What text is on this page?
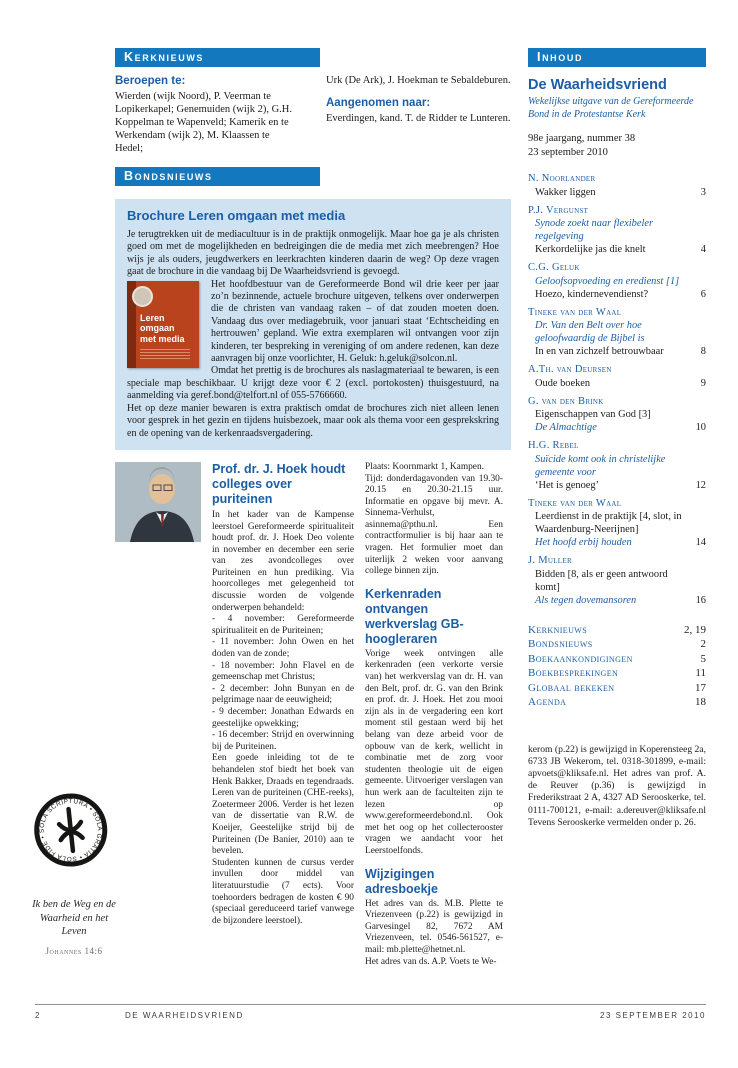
SOLA SCRIPTURA • SOLA GRATIA • SOLA FIDE •

Ik ben de Weg en de Waarheid en het Leven

Johannes 14:6

Kerknieuws
Beroepen te:

Wierden (wijk Noord), P. Veerman te Lopikerkapel; Genemuiden (wijk 2), G.H. Koppelman te Wapenveld; Kamerik en te Werkendam (wijk 2), M. Klaassen te Hedel;

Urk (De Ark), J. Hoekman te Sebaldeburen.

Aangenomen naar:

Everdingen, kand. T. de Ridder te Lunteren.

Bondsnieuws
Brochure Leren omgaan met media

Je terugtrekken uit de mediacultuur is in de praktijk onmogelijk. Maar hoe ga je als christen goed om met de mogelijkheden en bedreigingen die de media met zich meebrengen? Hoe wijs je als ouders, jeugdwerkers en leerkrachten kinderen daarin de weg? Op deze vragen gaat de brochure in die vandaag bij De Waarheidsvriend is gevoegd.

Leren omgaan met media

Het hoofdbestuur van de Gereformeerde Bond wil drie keer per jaar zo’n bezinnende, actuele brochure uitgeven, telkens over onderwerpen die de christen van vandaag raken – of dat zouden moeten doen. Vandaag dus over mediagebruik, voor januari staat ‘Echtscheiding en hertrouwen’ gepland. Wie extra exemplaren wil ontvangen voor zijn kinderen, ter bespreking in vereniging of om andere redenen, kan deze aanvragen bij onze voorlichter, H. Geluk: h.geluk@solcon.nl.

Omdat het prettig is de brochures als naslagmateriaal te bewaren, is een speciale map beschikbaar. U krijgt deze voor € 2 (excl. portokosten) thuisgestuurd, na aanmelding via geref.bond@telfort.nl of 055-5766660.

Het op deze manier bewaren is extra praktisch omdat de brochures zich niet alleen lenen voor gesprek in het gezin en tijdens huisbezoek, maar ook als thema voor een gesprekskring en de opening van de kerkenraadsvergadering.

Prof. dr. J. Hoek houdt colleges over puriteinen

In het kader van de Kampense leerstoel Gereformeerde spiritualiteit houdt prof. dr. J. Hoek Deo volente in november en december een serie van zes avondcolleges over Puriteinen en hun prediking. Via hoorcolleges met gelegenheid tot discussie worden de volgende onderwerpen behandeld:

- 4 november: Gereformeerde spiritualiteit en de Puriteinen;

- 11 november: John Owen en het doden van de zonde;

- 18 november: John Flavel en de gemeenschap met Christus;

- 2 december: John Bunyan en de pelgrimage naar de eeuwigheid;

- 9 december: Jonathan Edwards en geestelijke opwekking;

- 16 december: Strijd en overwinning bij de Puriteinen.

Een goede inleiding tot de te behandelen stof biedt het boek van Henk Bakker, Draads en tegendraads. Leren van de puriteinen (CHE-reeks), Zoetermeer 2006. Verder is het lezen van de dissertatie van R.W. de Koeijer, Geestelijke strijd bij de Puriteinen (De Banier, 2010) aan te bevelen.

Studenten kunnen de cursus verder invullen door middel van literatuurstudie (7 ects). Voor toehoorders bedragen de kosten € 90 (speciaal gereduceerd tarief vanwege de bijzondere leerstoel).

Plaats: Koornmarkt 1, Kampen.

Tijd: donderdagavonden van 19.30-20.15 en 20.30-21.15 uur. Informatie en opgave bij mevr. A. Sinnema-Verhulst, asinnema@pthu.nl. Een contractformulier is bij haar aan te vragen. Het formulier moet dan uiterlijk 2 weken voor aanvang college binnen zijn.

Kerkenraden ontvangen werkverslag GB-hoogleraren

Vorige week ontvingen alle kerkenraden (een verkorte versie van) het werkverslag van dr. H. van den Belt, prof. dr. G. van den Brink en prof. dr. J. Hoek. Het zou mooi zijn als in de vergadering een kort moment stil gestaan werd bij het belang van deze arbeid voor de opbouw van de kerk, wellicht in combinatie met de zorg voor studenten theologie uit de eigen gemeente. Uitvoeriger verslagen van hun werk aan de faculteiten zijn te lezen op www.gereformeerdebond.nl. Ook met het oog op het collecterooster vragen we aandacht voor het Leerstoelfonds.

Wijzigingen adresboekje

Het adres van ds. M.B. Plette te Vriezenveen (p.22) is gewijzigd in Garvesingel 82, 7672 AM Vriezenveen, tel. 0546-561527, e-mail: mb.plette@hetnet.nl.

Het adres van ds. A.P. Voets te We-

Inhoud
De Waarheidsvriend
Wekelijkse uitgave van de Gereformeerde Bond in de Protestantse Kerk
98e jaargang, nummer 38
23 september 2010
N. Noorlander
Wakker liggen	3
P.J. Vergunst
Synode zoekt naar flexibeler regelgeving
Kerkordelijke jas die knelt	4
C.G. Geluk
Geloofsopvoeding en eredienst [1]
Hoezo, kindernevendienst?	6
Tineke van der Waal
Dr. Van den Belt over hoe geloofwaardig de Bijbel is
In en van zichzelf betrouwbaar	8
A.Th. van Deursen
Oude boeken	9
G. van den Brink
Eigenschappen van God [3]
De Almachtige	10
H.G. Rebel
Suïcide komt ook in christelijke gemeente voor
‘Het is genoeg’	12
Tineke van der Waal
Leerdienst in de praktijk [4, slot, in Waardenburg-Neerijnen]
Het hoofd erbij houden	14
J. Muller
Bidden [8, als er geen antwoord komt]
Als tegen dovemansoren	16
Kerknieuws	2, 19
Bondsnieuws	2
Boekaankondigingen	5
Boekbesprekingen	11
Globaal bekeken	17
Agenda	18

kerom (p.22) is gewijzigd in Koperensteeg 2a, 6733 JB Wekerom, tel. 0318-301899, e-mail: apvoets@kliksafe.nl. Het adres van prof. A. de Reuver (p.36) is gewijzigd in Frederikstraat 2 A, 4327 AD Serooskerke, tel. 0111-700121, e-mail: a.dereuver@kliksafe.nl Tevens Serooskerke vermelden onder p. 26.

2	DE WAARHEIDSVRIEND	23 SEPTEMBER 2010
